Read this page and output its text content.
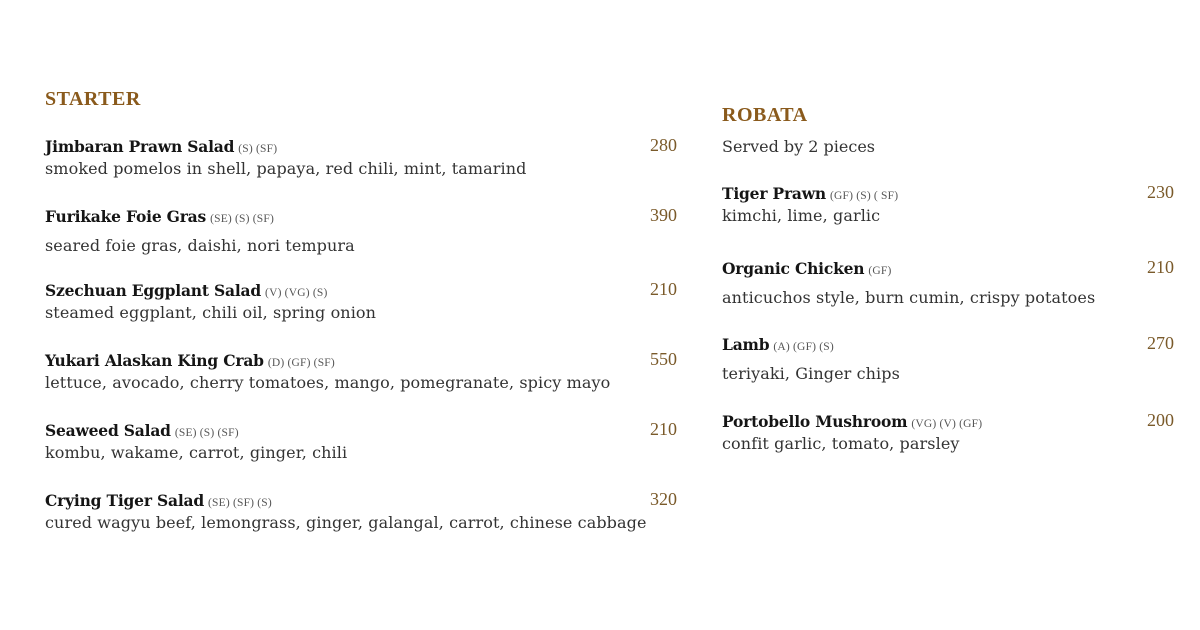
STARTER
Jimbaran Prawn Salad (S) (SF)	280
smoked pomelos in shell, papaya, red chili, mint, tamarind
Furikake Foie Gras (SE) (S) (SF)	390
seared foie gras, daishi, nori tempura
Szechuan Eggplant Salad (V) (VG) (S)	210
steamed eggplant, chili oil, spring onion
Yukari Alaskan King Crab (D) (GF) (SF)	550
lettuce, avocado, cherry tomatoes, mango, pomegranate, spicy mayo
Seaweed Salad (SE) (S) (SF)	210
kombu, wakame, carrot, ginger, chili
Crying Tiger Salad (SE) (SF) (S)	320
cured wagyu beef, lemongrass, ginger, galangal, carrot, chinese cabbage
ROBATA
Served by 2 pieces
Tiger Prawn (GF) (S) ( SF)	230
kimchi, lime, garlic
Organic Chicken (GF)	210
anticuchos style, burn cumin, crispy potatoes
Lamb (A) (GF) (S)	270
teriyaki, Ginger chips
Portobello Mushroom (VG) (V) (GF)	200
confit garlic, tomato, parsley
